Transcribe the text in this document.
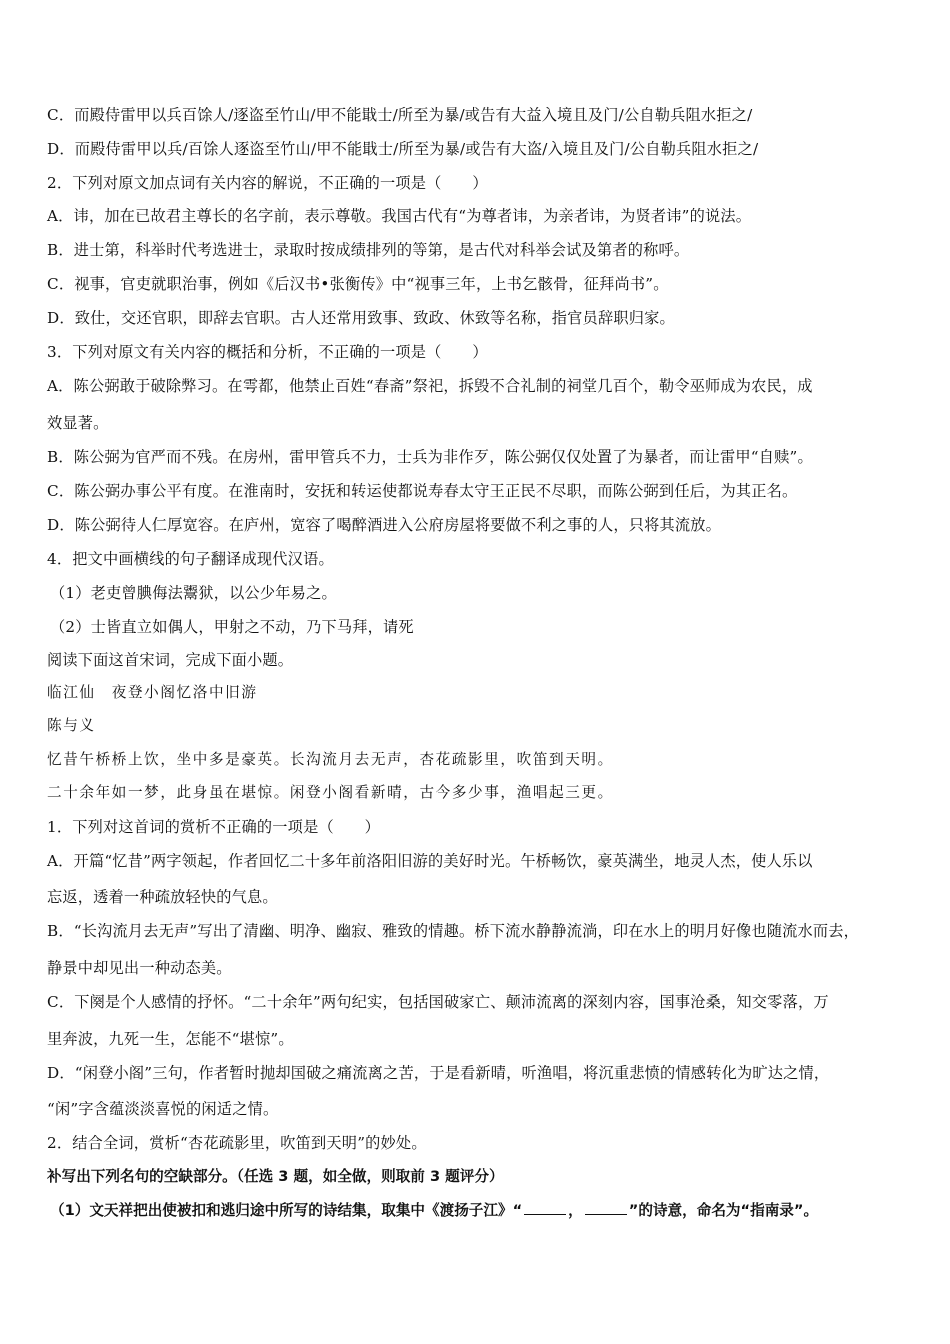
C．而殿侍雷甲以兵百馀人/逐盗至竹山/甲不能戢士/所至为暴/或告有大益入境且及门/公自勒兵阻水拒之/
D．而殿侍雷甲以兵/百馀人逐盗至竹山/甲不能戢士/所至为暴/或告有大盗/入境且及门/公自勒兵阻水拒之/
2．下列对原文加点词有关内容的解说，不正确的一项是（　　）
A．讳，加在已故君主尊长的名字前，表示尊敬。我国古代有“为尊者讳，为亲者讳，为贤者讳”的说法。
B．进士第，科举时代考选进士，录取时按成绩排列的等第，是古代对科举会试及第者的称呼。
C．视事，官吏就职治事，例如《后汉书•张衡传》中“视事三年，上书乞骸骨，征拜尚书”。
D．致仕，交还官职，即辞去官职。古人还常用致事、致政、休致等名称，指官员辞职归家。
3．下列对原文有关内容的概括和分析，不正确的一项是（　　）
A．陈公弼敢于破除弊习。在雩都，他禁止百姓“春斋”祭祀，拆毁不合礼制的祠堂几百个，勒令巫师成为农民，成
效显著。
B．陈公弼为官严而不残。在房州，雷甲管兵不力，士兵为非作歹，陈公弼仅仅处置了为暴者，而让雷甲“自赎”。
C．陈公弼办事公平有度。在淮南时，安抚和转运使都说寿春太守王正民不尽职，而陈公弼到任后，为其正名。
D．陈公弼待人仁厚宽容。在庐州，宽容了喝醉酒进入公府房屋将要做不利之事的人，只将其流放。
4．把文中画横线的句子翻译成现代汉语。
（1）老吏曾腆侮法鬻狱，以公少年易之。
（2）士皆直立如偶人，甲射之不动，乃下马拜，请死
阅读下面这首宋词，完成下面小题。
临江仙　夜登小阁忆洛中旧游
陈与义
忆昔午桥桥上饮，坐中多是豪英。长沟流月去无声，杏花疏影里，吹笛到天明。
二十余年如一梦，此身虽在堪惊。闲登小阁看新晴，古今多少事，渔唱起三更。
1．下列对这首词的赏析不正确的一项是（　　）
A．开篇“忆昔”两字领起，作者回忆二十多年前洛阳旧游的美好时光。午桥畅饮，豪英满坐，地灵人杰，使人乐以
忘返，透着一种疏放轻快的气息。
B．“长沟流月去无声”写出了清幽、明净、幽寂、雅致的情趣。桥下流水静静流淌，印在水上的明月好像也随流水而去，
静景中却见出一种动态美。
C．下阕是个人感情的抒怀。“二十余年”两句纪实，包括国破家亡、颠沛流离的深刻内容，国事沧桑，知交零落，万
里奔波，九死一生，怎能不“堪惊”。
D．“闲登小阁”三句，作者暂时抛却国破之痛流离之苦，于是看新晴，听渔唱，将沉重悲愤的情感转化为旷达之情，
“闲”字含蕴淡淡喜悦的闲适之情。
2．结合全词，赏析“杏花疏影里，吹笛到天明”的妙处。
补写出下列名句的空缺部分。（任选 3 题，如全做，则取前 3 题评分）
（1）文天祥把出使被扣和逃归途中所写的诗结集，取集中《渡扬子江》“	，	”的诗意，命名为“指南录”。
